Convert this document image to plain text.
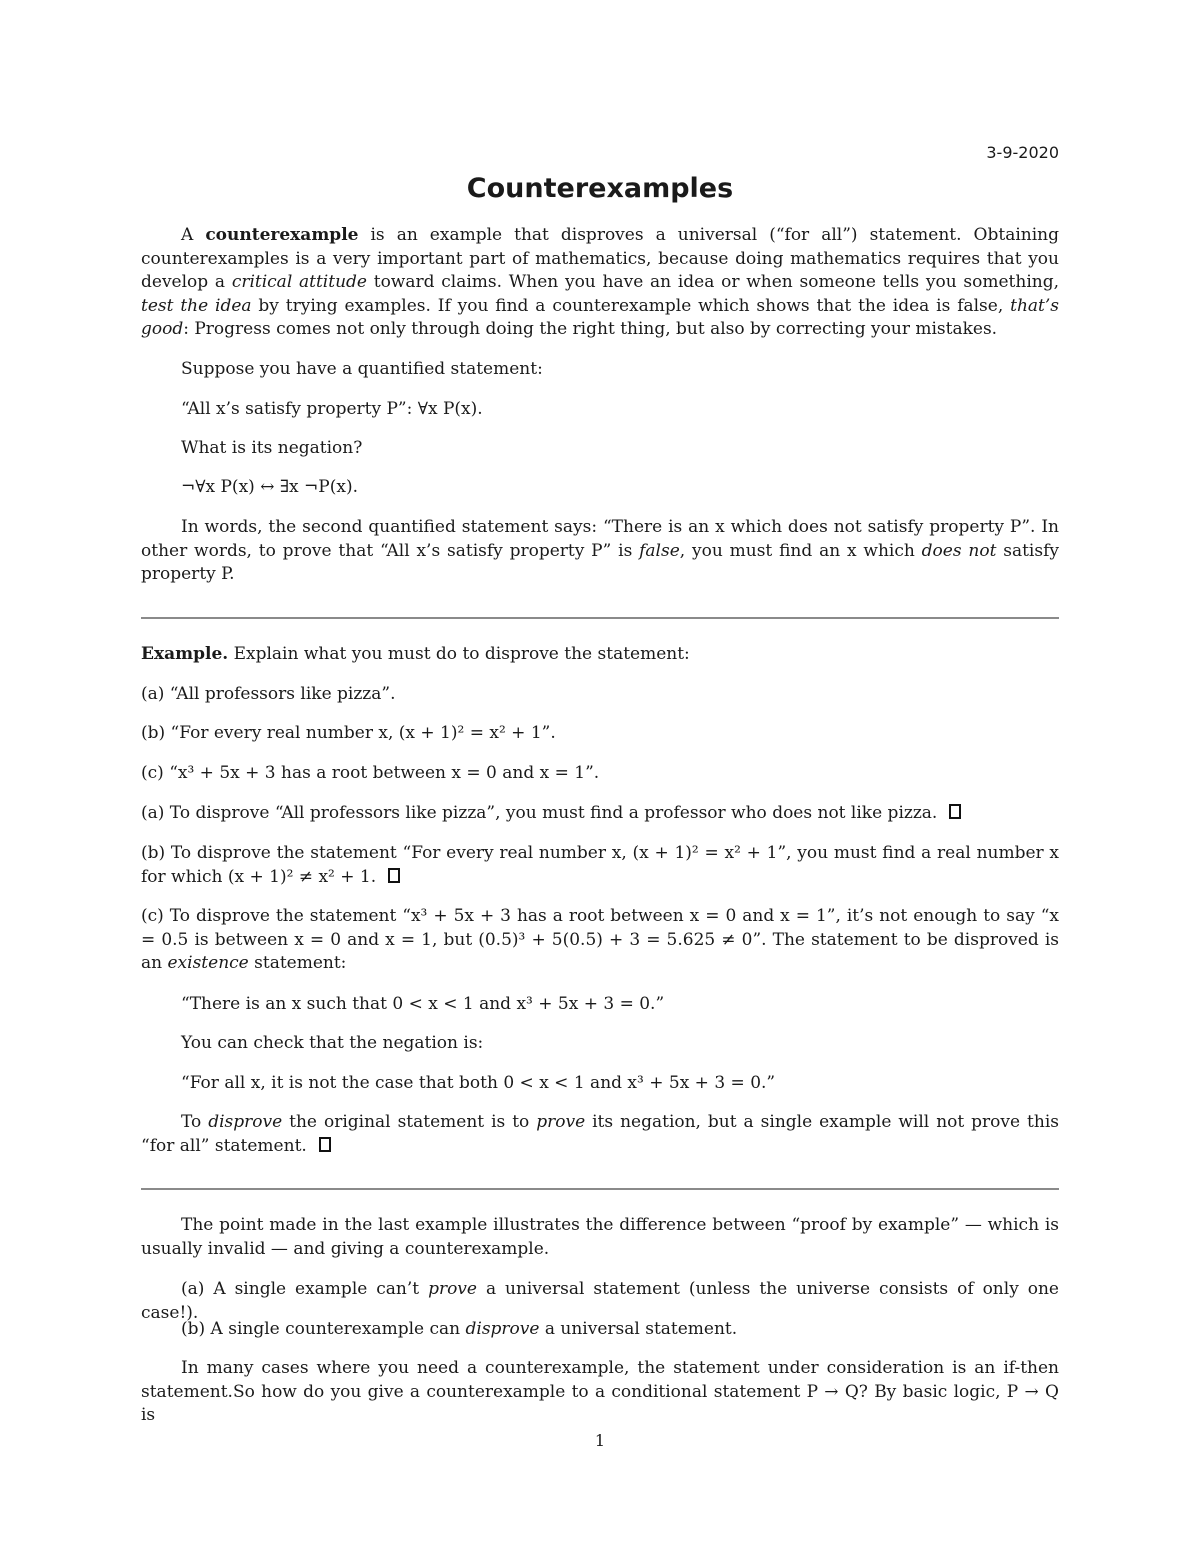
3-9-2020
Counterexamples

A counterexample is an example that disproves a universal (“for all”) statement. Obtaining counterexamples is a very important part of mathematics, because doing mathematics requires that you develop a critical attitude toward claims. When you have an idea or when someone tells you something, test the idea by trying examples. If you find a counterexample which shows that the idea is false, that’s good: Progress comes not only through doing the right thing, but also by correcting your mistakes.

Suppose you have a quantified statement:

“All x’s satisfy property P”: ∀x P(x).

What is its negation?

¬∀x P(x) ↔ ∃x ¬P(x).

In words, the second quantified statement says: “There is an x which does not satisfy property P”. In other words, to prove that “All x’s satisfy property P” is false, you must find an x which does not satisfy property P.

Example. Explain what you must do to disprove the statement:

(a) “All professors like pizza”.

(b) “For every real number x, (x + 1)² = x² + 1”.

(c) “x³ + 5x + 3 has a root between x = 0 and x = 1”.

(a) To disprove “All professors like pizza”, you must find a professor who does not like pizza.

(b) To disprove the statement “For every real number x, (x + 1)² = x² + 1”, you must find a real number x for which (x + 1)² ≠ x² + 1.

(c) To disprove the statement “x³ + 5x + 3 has a root between x = 0 and x = 1”, it’s not enough to say “x = 0.5 is between x = 0 and x = 1, but (0.5)³ + 5(0.5) + 3 = 5.625 ≠ 0”. The statement to be disproved is an existence statement:

“There is an x such that 0 < x < 1 and x³ + 5x + 3 = 0.”

You can check that the negation is:

“For all x, it is not the case that both 0 < x < 1 and x³ + 5x + 3 = 0.”

To disprove the original statement is to prove its negation, but a single example will not prove this “for all” statement.

The point made in the last example illustrates the difference between “proof by example” — which is usually invalid — and giving a counterexample.

(a) A single example can’t prove a universal statement (unless the universe consists of only one case!).

(b) A single counterexample can disprove a universal statement.

In many cases where you need a counterexample, the statement under consideration is an if-then statement.So how do you give a counterexample to a conditional statement P → Q? By basic logic, P → Q is

1
